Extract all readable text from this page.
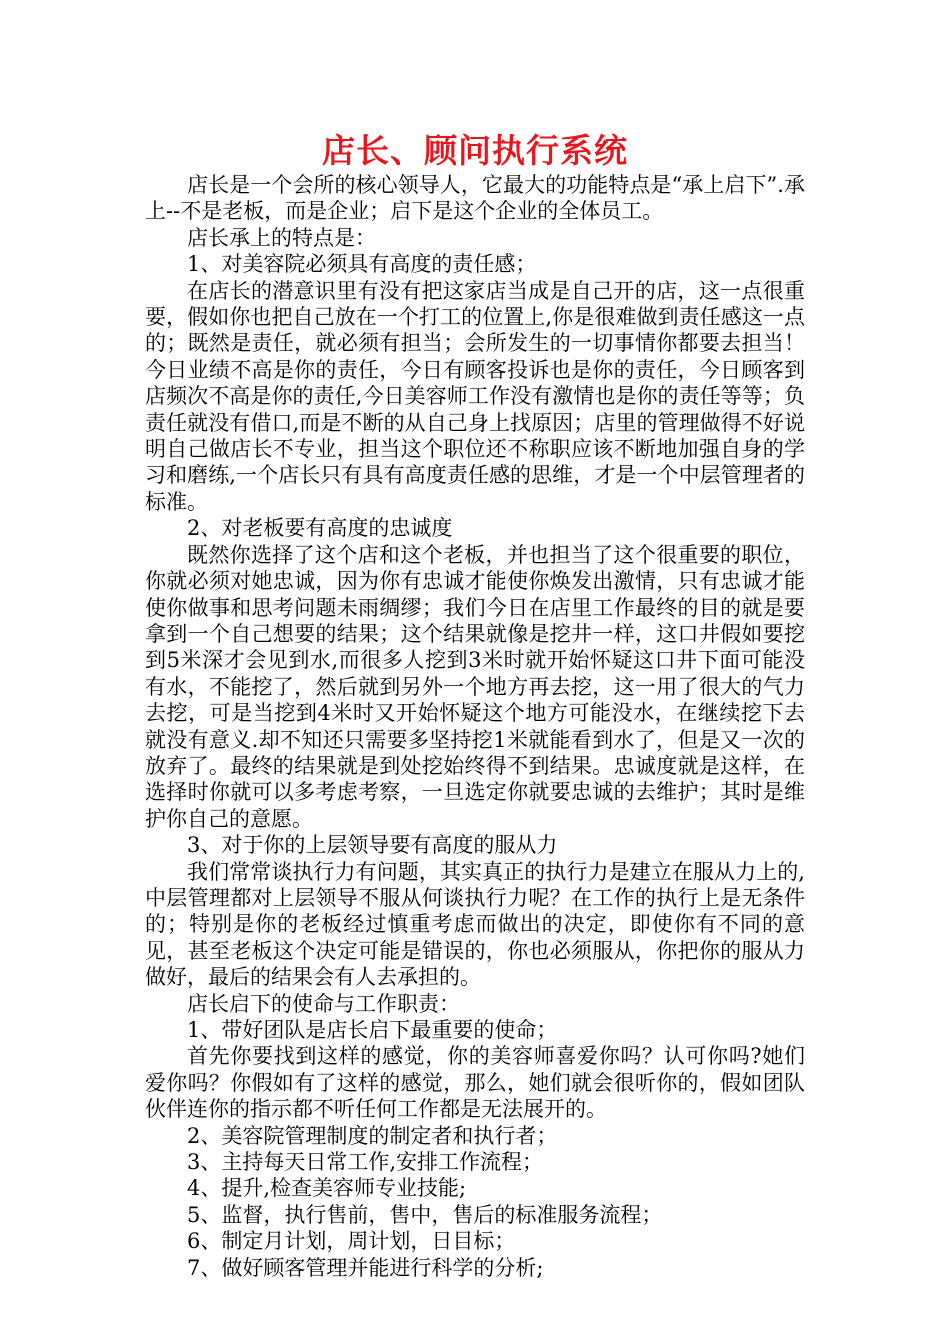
店长、顾问执行系统

店长是一个会所的核心领导人，它最大的功能特点是“承上启下”.承上--不是老板，而是企业；启下是这个企业的全体员工。

店长承上的特点是：

1、对美容院必须具有高度的责任感；

在店长的潜意识里有没有把这家店当成是自己开的店，这一点很重要，假如你也把自己放在一个打工的位置上,你是很难做到责任感这一点的；既然是责任，就必须有担当；会所发生的一切事情你都要去担当！今日业绩不高是你的责任，今日有顾客投诉也是你的责任，今日顾客到店频次不高是你的责任,今日美容师工作没有激情也是你的责任等等；负责任就没有借口,而是不断的从自己身上找原因；店里的管理做得不好说明自己做店长不专业，担当这个职位还不称职应该不断地加强自身的学习和磨练,一个店长只有具有高度责任感的思维，才是一个中层管理者的标准。

2、对老板要有高度的忠诚度

既然你选择了这个店和这个老板，并也担当了这个很重要的职位，你就必须对她忠诚，因为你有忠诚才能使你焕发出激情，只有忠诚才能使你做事和思考问题未雨绸缪；我们今日在店里工作最终的目的就是要拿到一个自己想要的结果；这个结果就像是挖井一样，这口井假如要挖到5米深才会见到水,而很多人挖到3米时就开始怀疑这口井下面可能没有水，不能挖了，然后就到另外一个地方再去挖，这一用了很大的气力去挖，可是当挖到4米时又开始怀疑这个地方可能没水，在继续挖下去就没有意义.却不知还只需要多坚持挖1米就能看到水了，但是又一次的放弃了。最终的结果就是到处挖始终得不到结果。忠诚度就是这样，在选择时你就可以多考虑考察，一旦选定你就要忠诚的去维护；其时是维护你自己的意愿。

3、对于你的上层领导要有高度的服从力

我们常常谈执行力有问题，其实真正的执行力是建立在服从力上的,中层管理都对上层领导不服从何谈执行力呢？在工作的执行上是无条件的；特别是你的老板经过慎重考虑而做出的决定，即使你有不同的意见，甚至老板这个决定可能是错误的，你也必须服从，你把你的服从力做好，最后的结果会有人去承担的。

店长启下的使命与工作职责：

1、带好团队是店长启下最重要的使命；

首先你要找到这样的感觉，你的美容师喜爱你吗？认可你吗?她们爱你吗？你假如有了这样的感觉，那么，她们就会很听你的，假如团队伙伴连你的指示都不听任何工作都是无法展开的。

2、美容院管理制度的制定者和执行者；

3、主持每天日常工作,安排工作流程；

4、提升,检查美容师专业技能;

5、监督，执行售前，售中，售后的标准服务流程；

6、制定月计划，周计划，日目标；

7、做好顾客管理并能进行科学的分析;
